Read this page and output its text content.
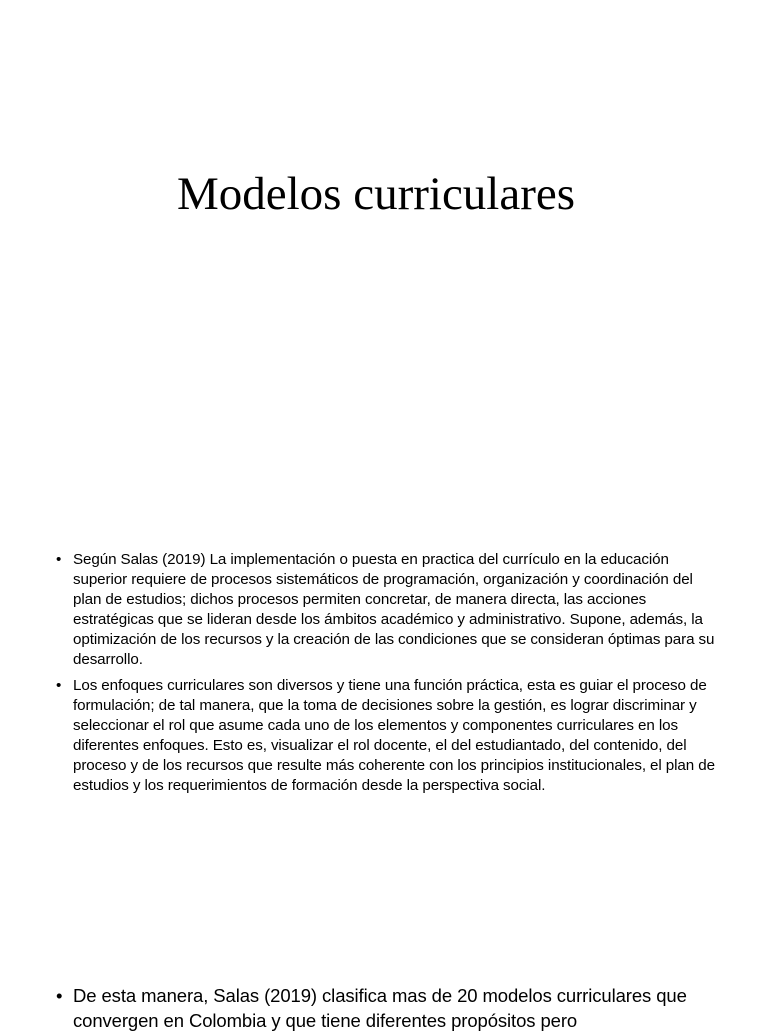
Modelos curriculares
• Según Salas (2019) La implementación o puesta en practica del currículo en la educación superior requiere de procesos sistemáticos de programación, organización y coordinación del plan de estudios; dichos procesos permiten concretar, de manera directa, las acciones estratégicas que se lideran desde los ámbitos académico y administrativo. Supone, además, la optimización de los recursos y la creación de las condiciones que se consideran óptimas para su desarrollo.
• Los enfoques curriculares son diversos y tiene una función práctica, esta es guiar el proceso de formulación; de tal manera, que la toma de decisiones sobre la gestión, es lograr discriminar y seleccionar el rol que asume cada uno de los elementos y componentes curriculares en los diferentes enfoques. Esto es, visualizar el rol docente, el del estudiantado, del contenido, del proceso y de los recursos que resulte más coherente con los principios institucionales, el plan de estudios y los requerimientos de formación desde la perspectiva social.
• De esta manera, Salas (2019) clasifica mas de 20 modelos curriculares que convergen en Colombia y que tiene diferentes propósitos pero
